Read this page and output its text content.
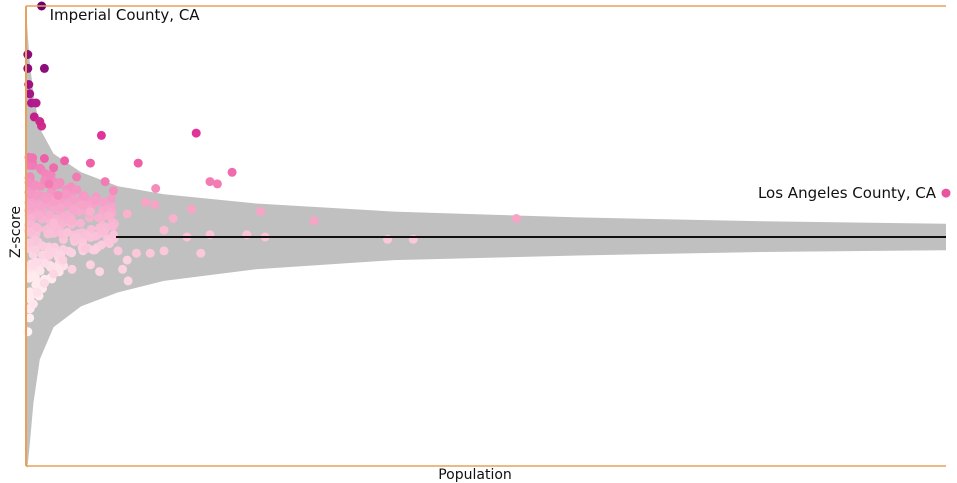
Imperial County, CA
Los Angeles County, CA
Population
Z-score
